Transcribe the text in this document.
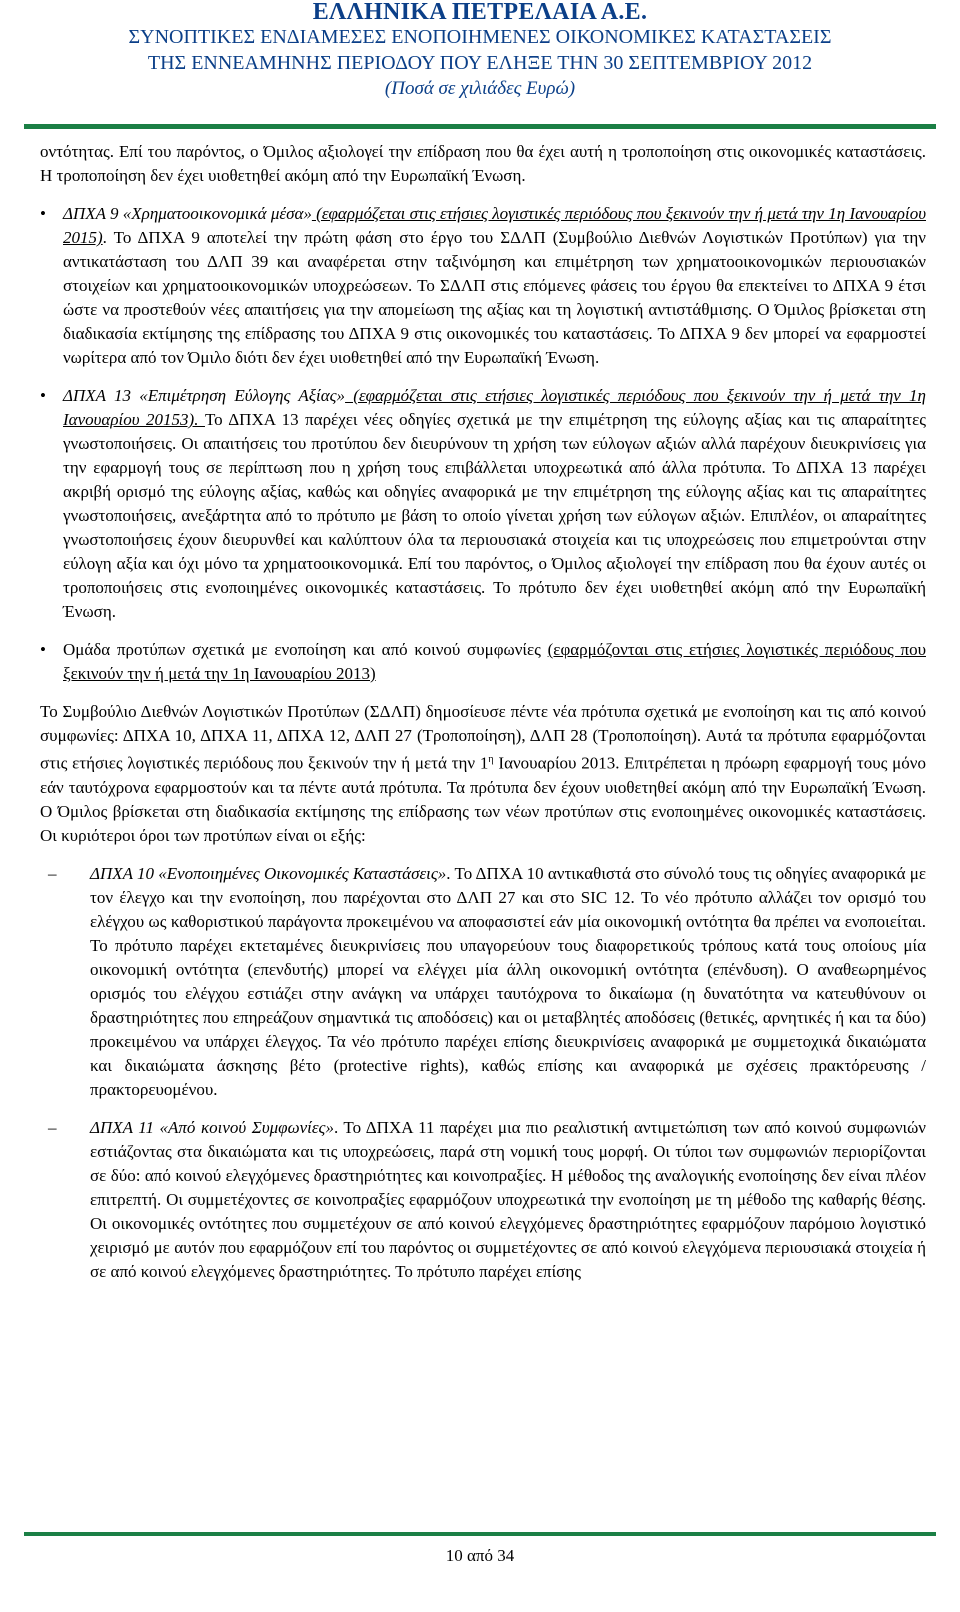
ΕΛΛΗΝΙΚΑ ΠΕΤΡΕΛΑΙΑ Α.Ε.
ΣΥΝΟΠΤΙΚΕΣ ΕΝΔΙΑΜΕΣΕΣ ΕΝΟΠΟΙΗΜΕΝΕΣ ΟΙΚΟΝΟΜΙΚΕΣ ΚΑΤΑΣΤΑΣΕΙΣ
ΤΗΣ ΕΝΝΕΑΜΗΝΗΣ ΠΕΡΙΟΔΟΥ ΠΟΥ ΕΛΗΞΕ ΤΗΝ 30 ΣΕΠΤΕΜΒΡΙΟΥ 2012
(Ποσά σε χιλιάδες Ευρώ)

οντότητας. Επί του παρόντος, ο Όμιλος αξιολογεί την επίδραση που θα έχει αυτή η τροποποίηση στις οικονομικές καταστάσεις. Η τροποποίηση δεν έχει υιοθετηθεί ακόμη από την Ευρωπαϊκή Ένωση.

•	ΔΠΧΑ 9 «Χρηματοοικονομικά μέσα» (εφαρμόζεται στις ετήσιες λογιστικές περιόδους που ξεκινούν την ή μετά την 1η Ιανουαρίου 2015). Το ΔΠΧΑ 9 αποτελεί την πρώτη φάση στο έργο του ΣΔΛΠ (Συμβούλιο Διεθνών Λογιστικών Προτύπων) για την αντικατάσταση του ΔΛΠ 39 και αναφέρεται στην ταξινόμηση και επιμέτρηση των χρηματοοικονομικών περιουσιακών στοιχείων και χρηματοοικονομικών υποχρεώσεων. Το ΣΔΛΠ στις επόμενες φάσεις του έργου θα επεκτείνει το ΔΠΧΑ 9 έτσι ώστε να προστεθούν νέες απαιτήσεις για την απομείωση της αξίας και τη λογιστική αντιστάθμισης. Ο Όμιλος βρίσκεται στη διαδικασία εκτίμησης της επίδρασης του ΔΠΧΑ 9 στις οικονομικές του καταστάσεις. Το ΔΠΧΑ 9 δεν μπορεί να εφαρμοστεί νωρίτερα από τον Όμιλο διότι δεν έχει υιοθετηθεί από την Ευρωπαϊκή Ένωση.
•	ΔΠΧΑ 13 «Επιμέτρηση Εύλογης Αξίας» (εφαρμόζεται στις ετήσιες λογιστικές περιόδους που ξεκινούν την ή μετά την 1η Ιανουαρίου 20153). Το ΔΠΧΑ 13 παρέχει νέες οδηγίες σχετικά με την επιμέτρηση της εύλογης αξίας και τις απαραίτητες γνωστοποιήσεις. Οι απαιτήσεις του προτύπου δεν διευρύνουν τη χρήση των εύλογων αξιών αλλά παρέχουν διευκρινίσεις για την εφαρμογή τους σε περίπτωση που η χρήση τους επιβάλλεται υποχρεωτικά από άλλα πρότυπα. Το ΔΠΧΑ 13 παρέχει ακριβή ορισμό της εύλογης αξίας, καθώς και οδηγίες αναφορικά με την επιμέτρηση της εύλογης αξίας και τις απαραίτητες γνωστοποιήσεις, ανεξάρτητα από το πρότυπο με βάση το οποίο γίνεται χρήση των εύλογων αξιών. Επιπλέον, οι απαραίτητες γνωστοποιήσεις έχουν διευρυνθεί και καλύπτουν όλα τα περιουσιακά στοιχεία και τις υποχρεώσεις που επιμετρούνται στην εύλογη αξία και όχι μόνο τα χρηματοοικονομικά. Επί του παρόντος, ο Όμιλος αξιολογεί την επίδραση που θα έχουν αυτές οι τροποποιήσεις στις ενοποιημένες οικονομικές καταστάσεις. Το πρότυπο δεν έχει υιοθετηθεί ακόμη από την Ευρωπαϊκή Ένωση.
•	Ομάδα προτύπων σχετικά με ενοποίηση και από κοινού συμφωνίες (εφαρμόζονται στις ετήσιες λογιστικές περιόδους που ξεκινούν την ή μετά την 1η Ιανουαρίου 2013)

Το Συμβούλιο Διεθνών Λογιστικών Προτύπων (ΣΔΛΠ) δημοσίευσε πέντε νέα πρότυπα σχετικά με ενοποίηση και τις από κοινού συμφωνίες: ΔΠΧΑ 10, ΔΠΧΑ 11, ΔΠΧΑ 12, ΔΛΠ 27 (Τροποποίηση), ΔΛΠ 28 (Τροποποίηση). Αυτά τα πρότυπα εφαρμόζονται στις ετήσιες λογιστικές περιόδους που ξεκινούν την ή μετά την $1^\eta$ Ιανουαρίου 2013. Επιτρέπεται η πρόωρη εφαρμογή τους μόνο εάν ταυτόχρονα εφαρμοστούν και τα πέντε αυτά πρότυπα. Τα πρότυπα δεν έχουν υιοθετηθεί ακόμη από την Ευρωπαϊκή Ένωση. Ο Όμιλος βρίσκεται στη διαδικασία εκτίμησης της επίδρασης των νέων προτύπων στις ενοποιημένες οικονομικές καταστάσεις. Οι κυριότεροι όροι των προτύπων είναι οι εξής:

– ΔΠΧΑ 10 «Ενοποιημένες Οικονομικές Καταστάσεις». Το ΔΠΧΑ 10 αντικαθιστά στο σύνολό τους τις οδηγίες αναφορικά με τον έλεγχο και την ενοποίηση, που παρέχονται στο ΔΛΠ 27 και στο SIC 12. Το νέο πρότυπο αλλάζει τον ορισμό του ελέγχου ως καθοριστικού παράγοντα προκειμένου να αποφασιστεί εάν μία οικονομική οντότητα θα πρέπει να ενοποιείται. Το πρότυπο παρέχει εκτεταμένες διευκρινίσεις που υπαγορεύουν τους διαφορετικούς τρόπους κατά τους οποίους μία οικονομική οντότητα (επενδυτής) μπορεί να ελέγχει μία άλλη οικονομική οντότητα (επένδυση). Ο αναθεωρημένος ορισμός του ελέγχου εστιάζει στην ανάγκη να υπάρχει ταυτόχρονα το δικαίωμα (η δυνατότητα να κατευθύνουν οι δραστηριότητες που επηρεάζουν σημαντικά τις αποδόσεις) και οι μεταβλητές αποδόσεις (θετικές, αρνητικές ή και τα δύο) προκειμένου να υπάρχει έλεγχος. Τα νέο πρότυπο παρέχει επίσης διευκρινίσεις αναφορικά με συμμετοχικά δικαιώματα και δικαιώματα άσκησης βέτο (protective rights), καθώς επίσης και αναφορικά με σχέσεις πρακτόρευσης / πρακτορευομένου.
– ΔΠΧΑ 11 «Από κοινού Συμφωνίες». Το ΔΠΧΑ 11 παρέχει μια πιο ρεαλιστική αντιμετώπιση των από κοινού συμφωνιών εστιάζοντας στα δικαιώματα και τις υποχρεώσεις, παρά στη νομική τους μορφή. Οι τύποι των συμφωνιών περιορίζονται σε δύο: από κοινού ελεγχόμενες δραστηριότητες και κοινοπραξίες. Η μέθοδος της αναλογικής ενοποίησης δεν είναι πλέον επιτρεπτή. Οι συμμετέχοντες σε κοινοπραξίες εφαρμόζουν υποχρεωτικά την ενοποίηση με τη μέθοδο της καθαρής θέσης. Οι οικονομικές οντότητες που συμμετέχουν σε από κοινού ελεγχόμενες δραστηριότητες εφαρμόζουν παρόμοιο λογιστικό χειρισμό με αυτόν που εφαρμόζουν επί του παρόντος οι συμμετέχοντες σε από κοινού ελεγχόμενα περιουσιακά στοιχεία ή σε από κοινού ελεγχόμενες δραστηριότητες. Το πρότυπο παρέχει επίσης
10 από 34
